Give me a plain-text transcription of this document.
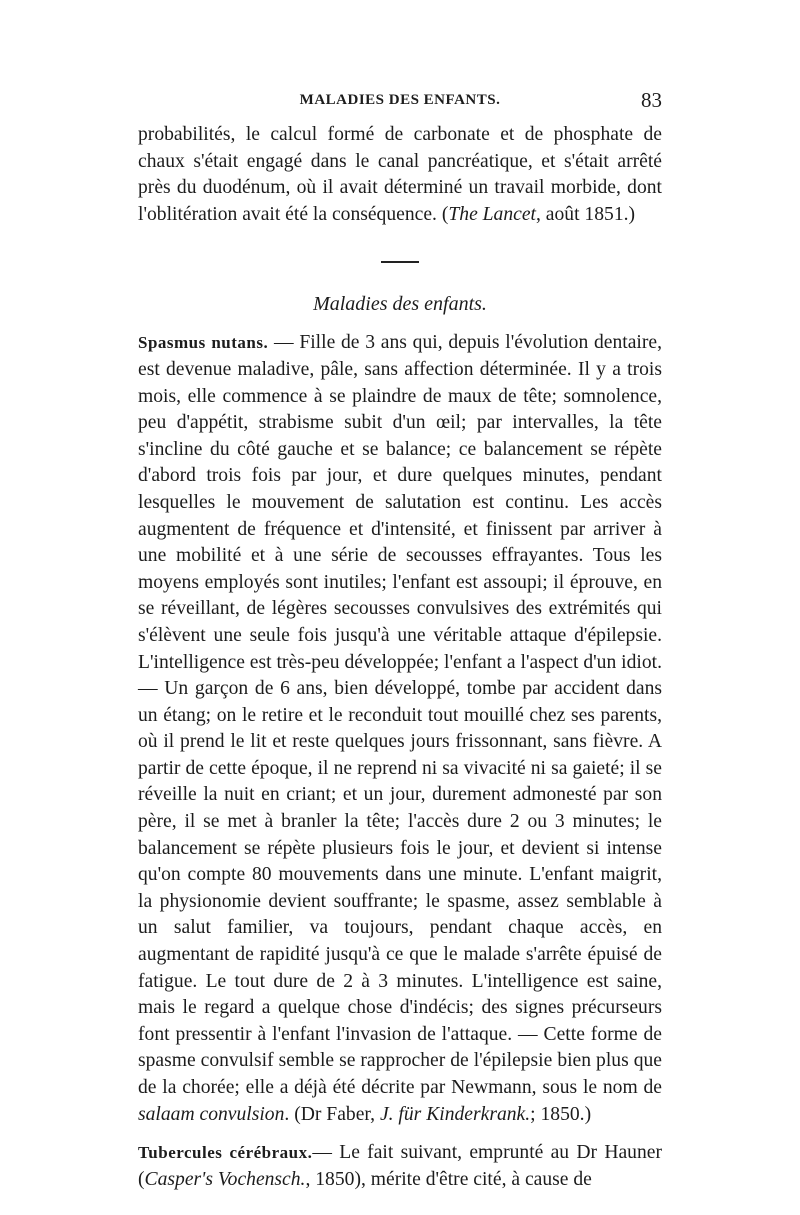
MALADIES DES ENFANTS.	83

probabilités, le calcul formé de carbonate et de phosphate de chaux s'était engagé dans le canal pancréatique, et s'était arrêté près du duodénum, où il avait déterminé un travail morbide, dont l'oblitération avait été la conséquence. (The Lancet, août 1851.)

Maladies des enfants.

Spasmus nutans. — Fille de 3 ans qui, depuis l'évolution dentaire, est devenue maladive, pâle, sans affection déterminée. Il y a trois mois, elle commence à se plaindre de maux de tête; somnolence, peu d'appétit, strabisme subit d'un œil; par intervalles, la tête s'incline du côté gauche et se balance; ce balancement se répète d'abord trois fois par jour, et dure quelques minutes, pendant lesquelles le mouvement de salutation est continu. Les accès augmentent de fréquence et d'intensité, et finissent par arriver à une mobilité et à une série de secousses effrayantes. Tous les moyens employés sont inutiles; l'enfant est assoupi; il éprouve, en se réveillant, de légères secousses convulsives des extrémités qui s'élèvent une seule fois jusqu'à une véritable attaque d'épilepsie. L'intelligence est très-peu développée; l'enfant a l'aspect d'un idiot. — Un garçon de 6 ans, bien développé, tombe par accident dans un étang; on le retire et le reconduit tout mouillé chez ses parents, où il prend le lit et reste quelques jours frissonnant, sans fièvre. A partir de cette époque, il ne reprend ni sa vivacité ni sa gaieté; il se réveille la nuit en criant; et un jour, durement admonesté par son père, il se met à branler la tête; l'accès dure 2 ou 3 minutes; le balancement se répète plusieurs fois le jour, et devient si intense qu'on compte 80 mouvements dans une minute. L'enfant maigrit, la physionomie devient souffrante; le spasme, assez semblable à un salut familier, va toujours, pendant chaque accès, en augmentant de rapidité jusqu'à ce que le malade s'arrête épuisé de fatigue. Le tout dure de 2 à 3 minutes. L'intelligence est saine, mais le regard a quelque chose d'indécis; des signes précurseurs font pressentir à l'enfant l'invasion de l'attaque. — Cette forme de spasme convulsif semble se rapprocher de l'épilepsie bien plus que de la chorée; elle a déjà été décrite par Newmann, sous le nom de salaam convulsion. (Dr Faber, J. für Kinderkrank.; 1850.)

Tubercules cérébraux.— Le fait suivant, emprunté au Dr Hauner (Casper's Vochensch., 1850), mérite d'être cité, à cause de
